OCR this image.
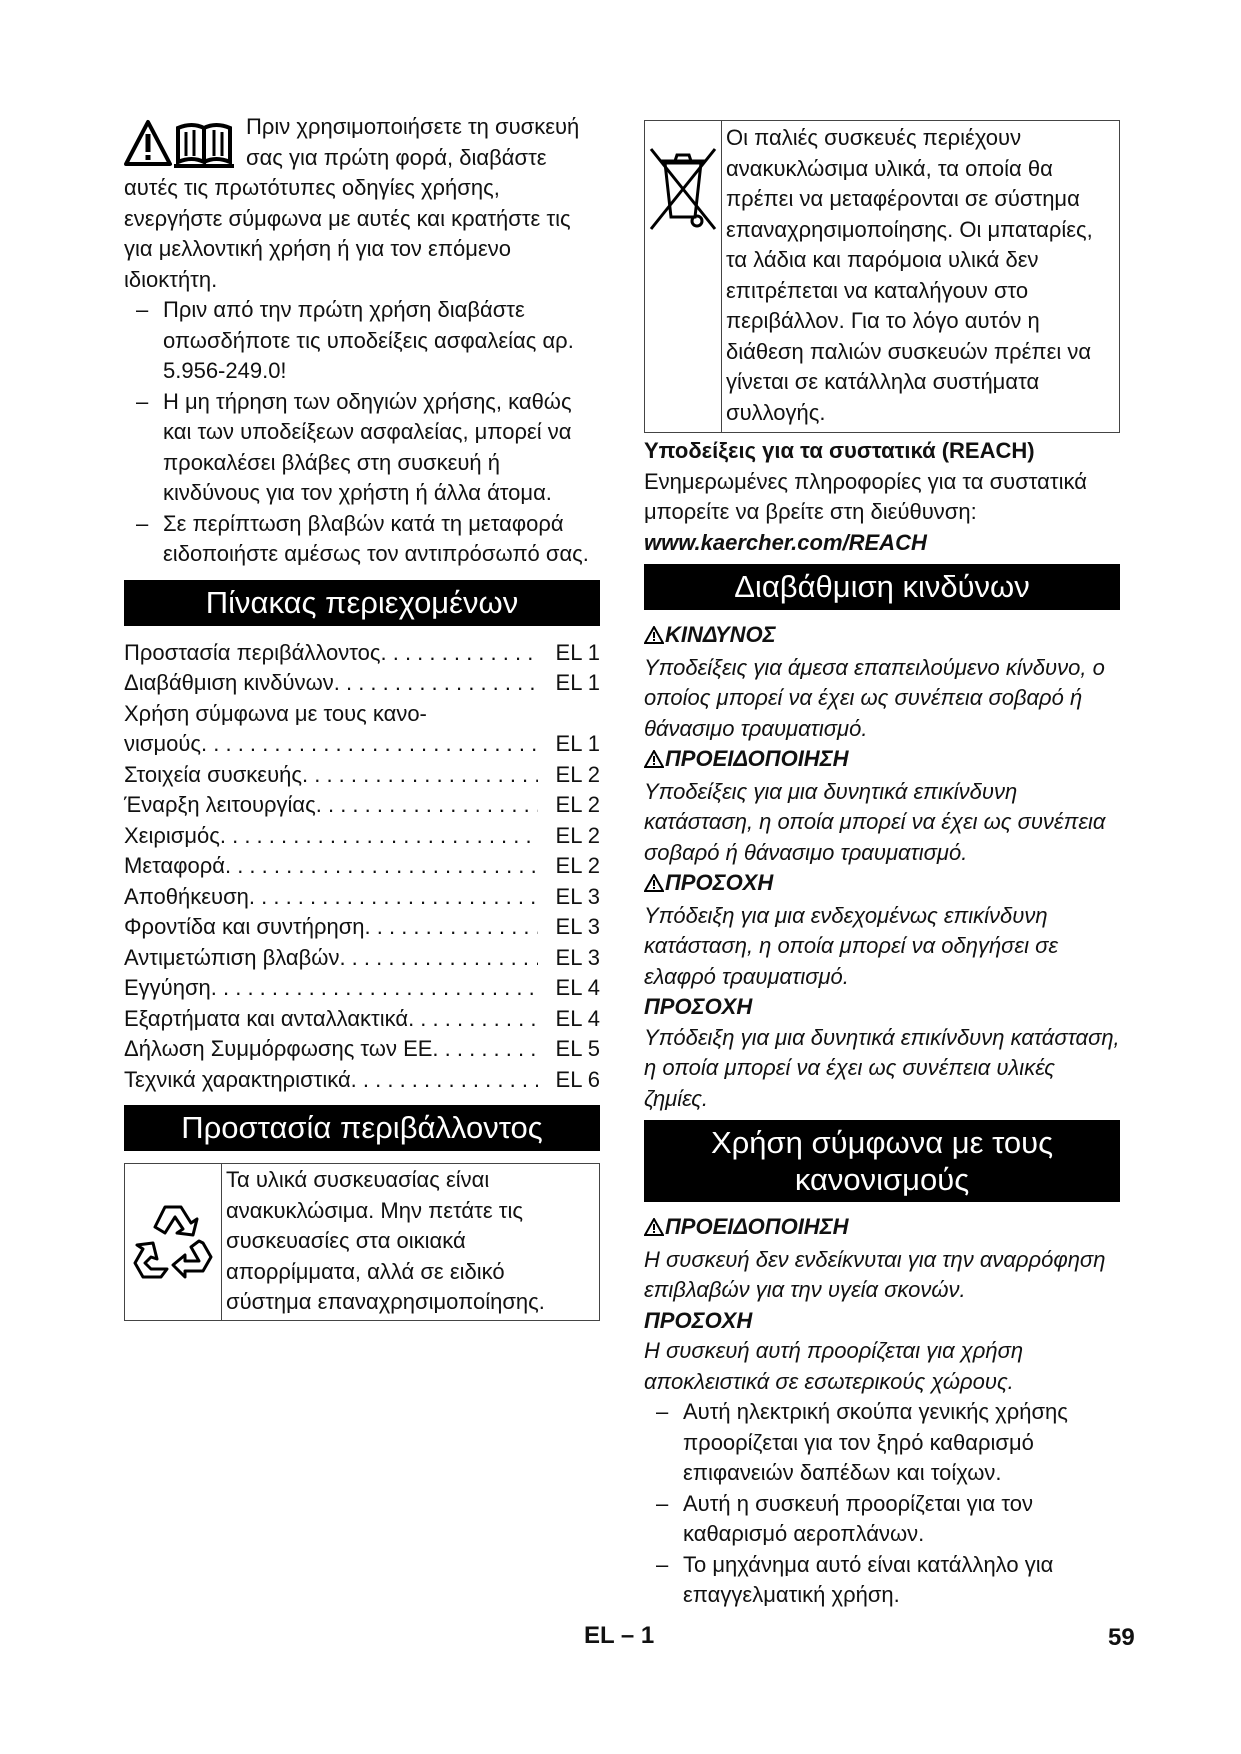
Πριν χρησιμοποιήσετε τη συσκευή σας για πρώτη φορά, διαβάστε αυτές τις πρωτότυπες οδηγίες χρήσης, ενεργήστε σύμφωνα με αυτές και κρατήστε τις για μελλοντική χρήση ή για τον επόμενο ιδιοκτήτη.

– Πριν από την πρώτη χρήση διαβάστε οπωσδήποτε τις υποδείξεις ασφαλείας αρ. 5.956-249.0!

– Η μη τήρηση των οδηγιών χρήσης, καθώς και των υποδείξεων ασφαλείας, μπορεί να προκαλέσει βλάβες στη συσκευή ή κινδύνους για τον χρήστη ή άλλα άτομα.

– Σε περίπτωση βλαβών κατά τη μεταφορά ειδοποιήστε αμέσως τον αντιπρόσωπό σας.

Πίνακας περιεχομένων
Προστασία περιβάλλοντος . . .	EL 1
Διαβάθμιση κινδύνων . . .	EL 1
Χρήση σύμφωνα με τους κανο-
νισμούς . . .	EL 1
Στοιχεία συσκευής . . .	EL 2
Έναρξη λειτουργίας . . .	EL 2
Χειρισμός . . .	EL 2
Μεταφορά . . .	EL 2
Αποθήκευση . . .	EL 3
Φροντίδα και συντήρηση . . .	EL 3
Αντιμετώπιση βλαβών . . .	EL 3
Εγγύηση . . .	EL 4
Εξαρτήματα και ανταλλακτικά . . .	EL 4
Δήλωση Συμμόρφωσης των ΕΕ . . .	EL 5
Τεχνικά χαρακτηριστικά . . .	EL 6
Προστασία περιβάλλοντος
Τα υλικά συσκευασίας είναι ανακυκλώσιμα. Μην πετάτε τις συσκευασίες στα οικιακά απορρίμματα, αλλά σε ειδικό σύστημα επαναχρησιμοποίησης.
Οι παλιές συσκευές περιέχουν ανακυκλώσιμα υλικά, τα οποία θα πρέπει να μεταφέρονται σε σύστημα επαναχρησιμοποίησης. Οι μπαταρίες, τα λάδια και παρόμοια υλικά δεν επιτρέπεται να καταλήγουν στο περιβάλλον. Για το λόγο αυτόν η διάθεση παλιών συσκευών πρέπει να γίνεται σε κατάλληλα συστήματα συλλογής.

Υποδείξεις για τα συστατικά (REACH)

Ενημερωμένες πληροφορίες για τα συστατικά μπορείτε να βρείτε στη διεύθυνση:

www.kaercher.com/REACH

Διαβάθμιση κινδύνων

ΚΙΝΔΥΝΟΣ

Υποδείξεις για άμεσα επαπειλούμενο κίνδυνο, ο οποίος μπορεί να έχει ως συνέπεια σοβαρό ή θάνασιμο τραυματισμό.

ΠΡΟΕΙΔΟΠΟΙΗΣΗ

Υποδείξεις για μια δυνητικά επικίνδυνη κατάσταση, η οποία μπορεί να έχει ως συνέπεια σοβαρό ή θάνασιμο τραυματισμό.

ΠΡΟΣΟΧΗ

Υπόδειξη για μια ενδεχομένως επικίνδυνη κατάσταση, η οποία μπορεί να οδηγήσει σε ελαφρό τραυματισμό.

ΠΡΟΣΟΧΗ

Υπόδειξη για μια δυνητικά επικίνδυνη κατάσταση, η οποία μπορεί να έχει ως συνέπεια υλικές ζημίες.

Χρήση σύμφωνα με τους
κανονισμούς

ΠΡΟΕΙΔΟΠΟΙΗΣΗ

Η συσκευή δεν ενδείκνυται για την αναρρόφηση επιβλαβών για την υγεία σκονών.

ΠΡΟΣΟΧΗ

Η συσκευή αυτή προορίζεται για χρήση αποκλειστικά σε εσωτερικούς χώρους.

– Αυτή ηλεκτρική σκούπα γενικής χρήσης προορίζεται για τον ξηρό καθαρισμό επιφανειών δαπέδων και τοίχων.

– Αυτή η συσκευή προορίζεται για τον καθαρισμό αεροπλάνων.

– Το μηχάνημα αυτό είναι κατάλληλο για επαγγελματική χρήση.

EL – 1	59
